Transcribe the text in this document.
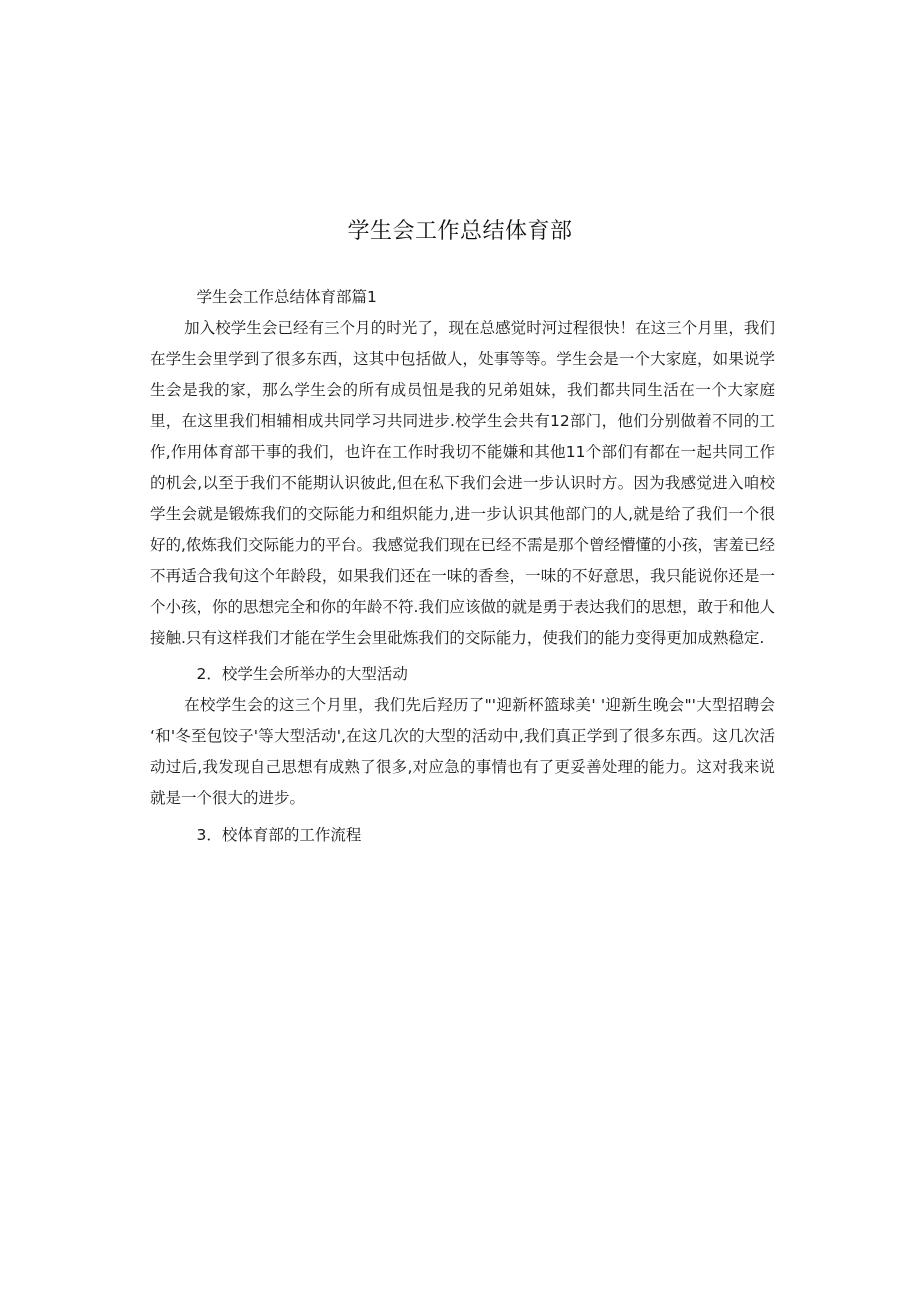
学生会工作总结体育部

学生会工作总结体育部篇1

加入校学生会已经有三个月的时光了，现在总感觉时河过程很快！在这三个月里，我们在学生会里学到了很多东西，这其中包括做人，处事等等。学生会是一个大家庭，如果说学生会是我的家，那么学生会的所有成员忸是我的兄弟姐妹，我们都共同生活在一个大家庭里，在这里我们相辅相成共同学习共同进步.校学生会共有12部门，他们分别做着不同的工作,作用体育部干事的我们，也许在工作时我切不能嫌和其他11个部们有都在一起共同工作的机会,以至于我们不能期认识彼此,但在私下我们会进一步认识时方。因为我感觉进入咱校学生会就是锻炼我们的交际能力和组炽能力,进一步认识其他部门的人,就是给了我们一个很好的,侬炼我们交际能力的平台。我感觉我们现在已经不需是那个曾经懵懂的小孩，害羞已经不再适合我旬这个年龄段，如果我们还在一味的香叁，一味的不好意思，我只能说你还是一个小孩，你的思想完全和你的年龄不符.我们应该做的就是勇于表达我们的思想，敢于和他人接触.只有这样我们才能在学生会里砒炼我们的交际能力，使我们的能力变得更加成熟稳定.

2．校学生会所举办的大型活动

在校学生会的这三个月里，我们先后羟历了"'迎新杯篮球美' '迎新生晚会"'大型招聘会 ‘和'冬至包饺子'等大型活动',在这几次的大型的活动中,我们真正学到了很多东西。这几次活动过后,我发现自己思想有成熟了很多,对应急的事情也有了更妥善处理的能力。这对我来说就是一个很大的进步。

3．校体育部的工作流程
